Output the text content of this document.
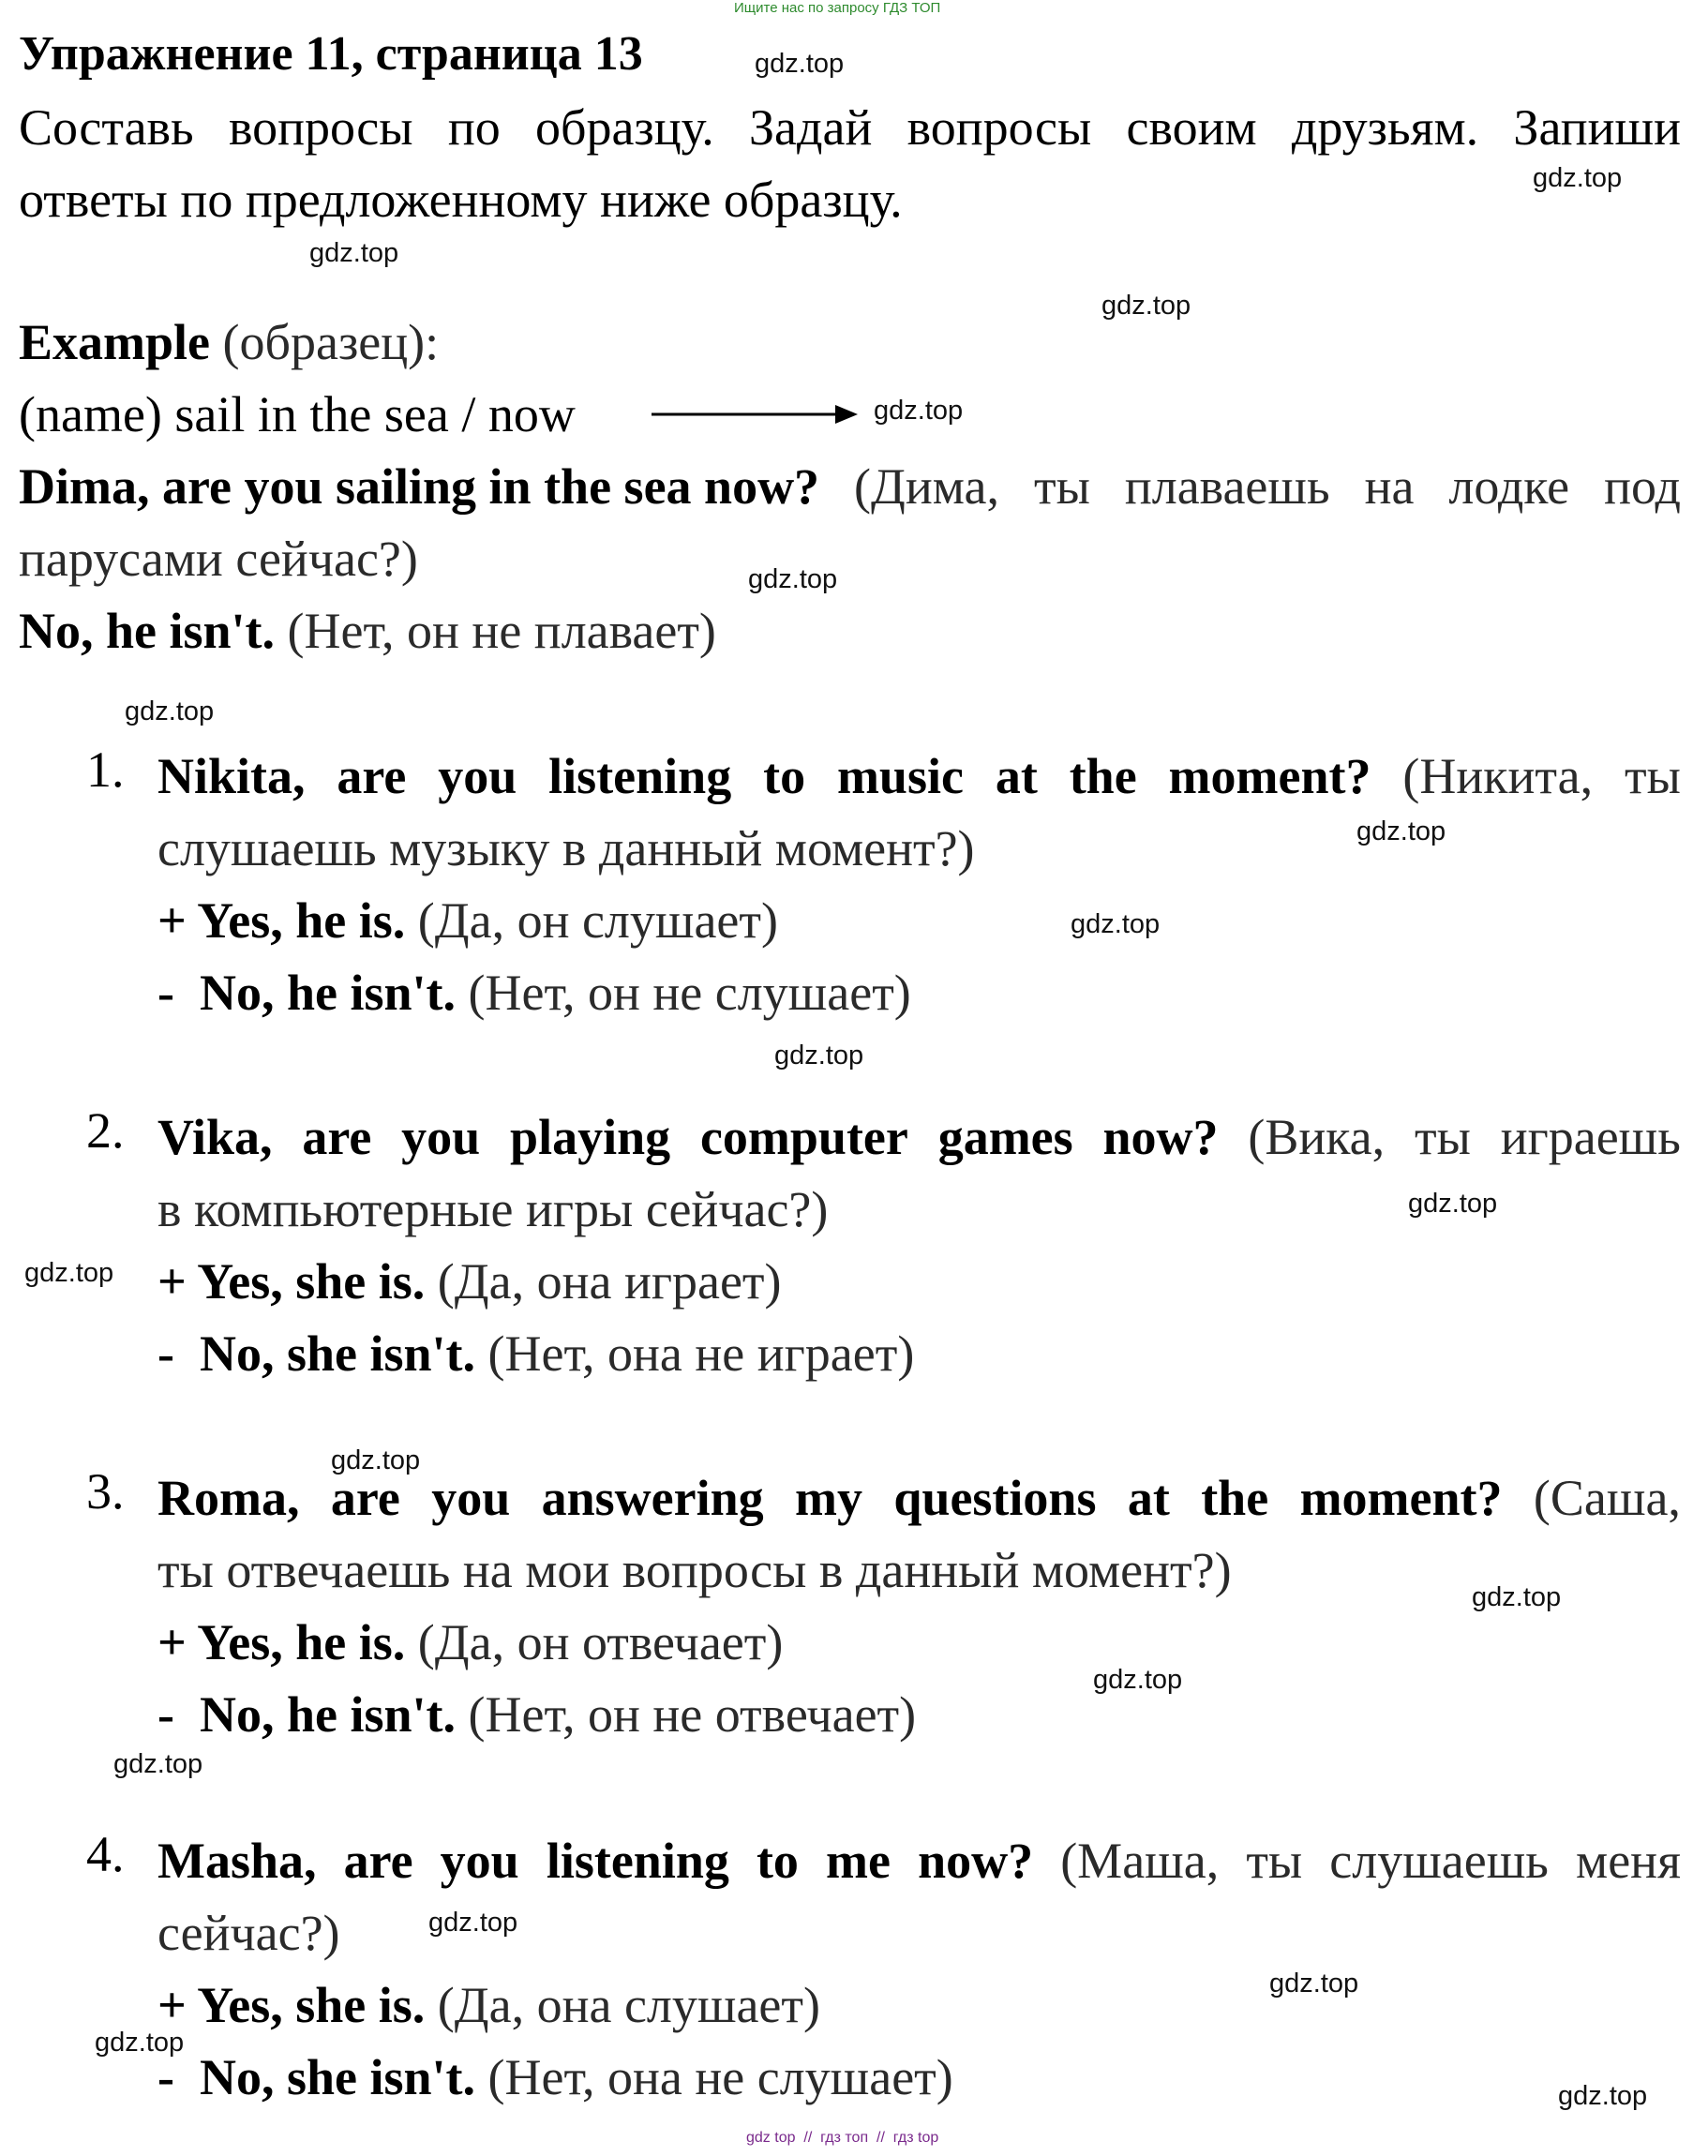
Ищите нас по запросу ГДЗ ТОП
Упражнение 11, страница 13
Составь вопросы по образцу. Задай вопросы своим друзьям. Запиши
ответы по предложенному ниже образцу.
Example (образец):
(name) sail in the sea / now
Dima, are you sailing in the sea now? (Дима, ты плаваешь на лодке под
парусами сейчас?)
No, he isn't. (Нет, он не плавает)
1. Nikita, are you listening to music at the moment? (Никита, ты
слушаешь музыку в данный момент?)
+ Yes, he is. (Да, он слушает)
-  No, he isn't. (Нет, он не слушает)
2. Vika, are you playing computer games now? (Вика, ты играешь
в компьютерные игры сейчас?)
+ Yes, she is. (Да, она играет)
-  No, she isn't. (Нет, она не играет)
3. Roma, are you answering my questions at the moment? (Саша,
ты отвечаешь на мои вопросы в данный момент?)
+ Yes, he is. (Да, он отвечает)
-  No, he isn't. (Нет, он не отвечает)
4. Masha, are you listening to me now? (Маша, ты слушаешь меня
сейчас?)
+ Yes, she is. (Да, она слушает)
-  No, she isn't. (Нет, она не слушает)
gdz.top
gdz.top
gdz.top
gdz.top
gdz.top
gdz.top
gdz.top
gdz.top
gdz.top
gdz.top
gdz.top
gdz.top
gdz.top
gdz.top
gdz.top
gdz.top
gdz.top
gdz.top
gdz.top
gdz.top
gdz top  //  гдз топ  //  гдз top
